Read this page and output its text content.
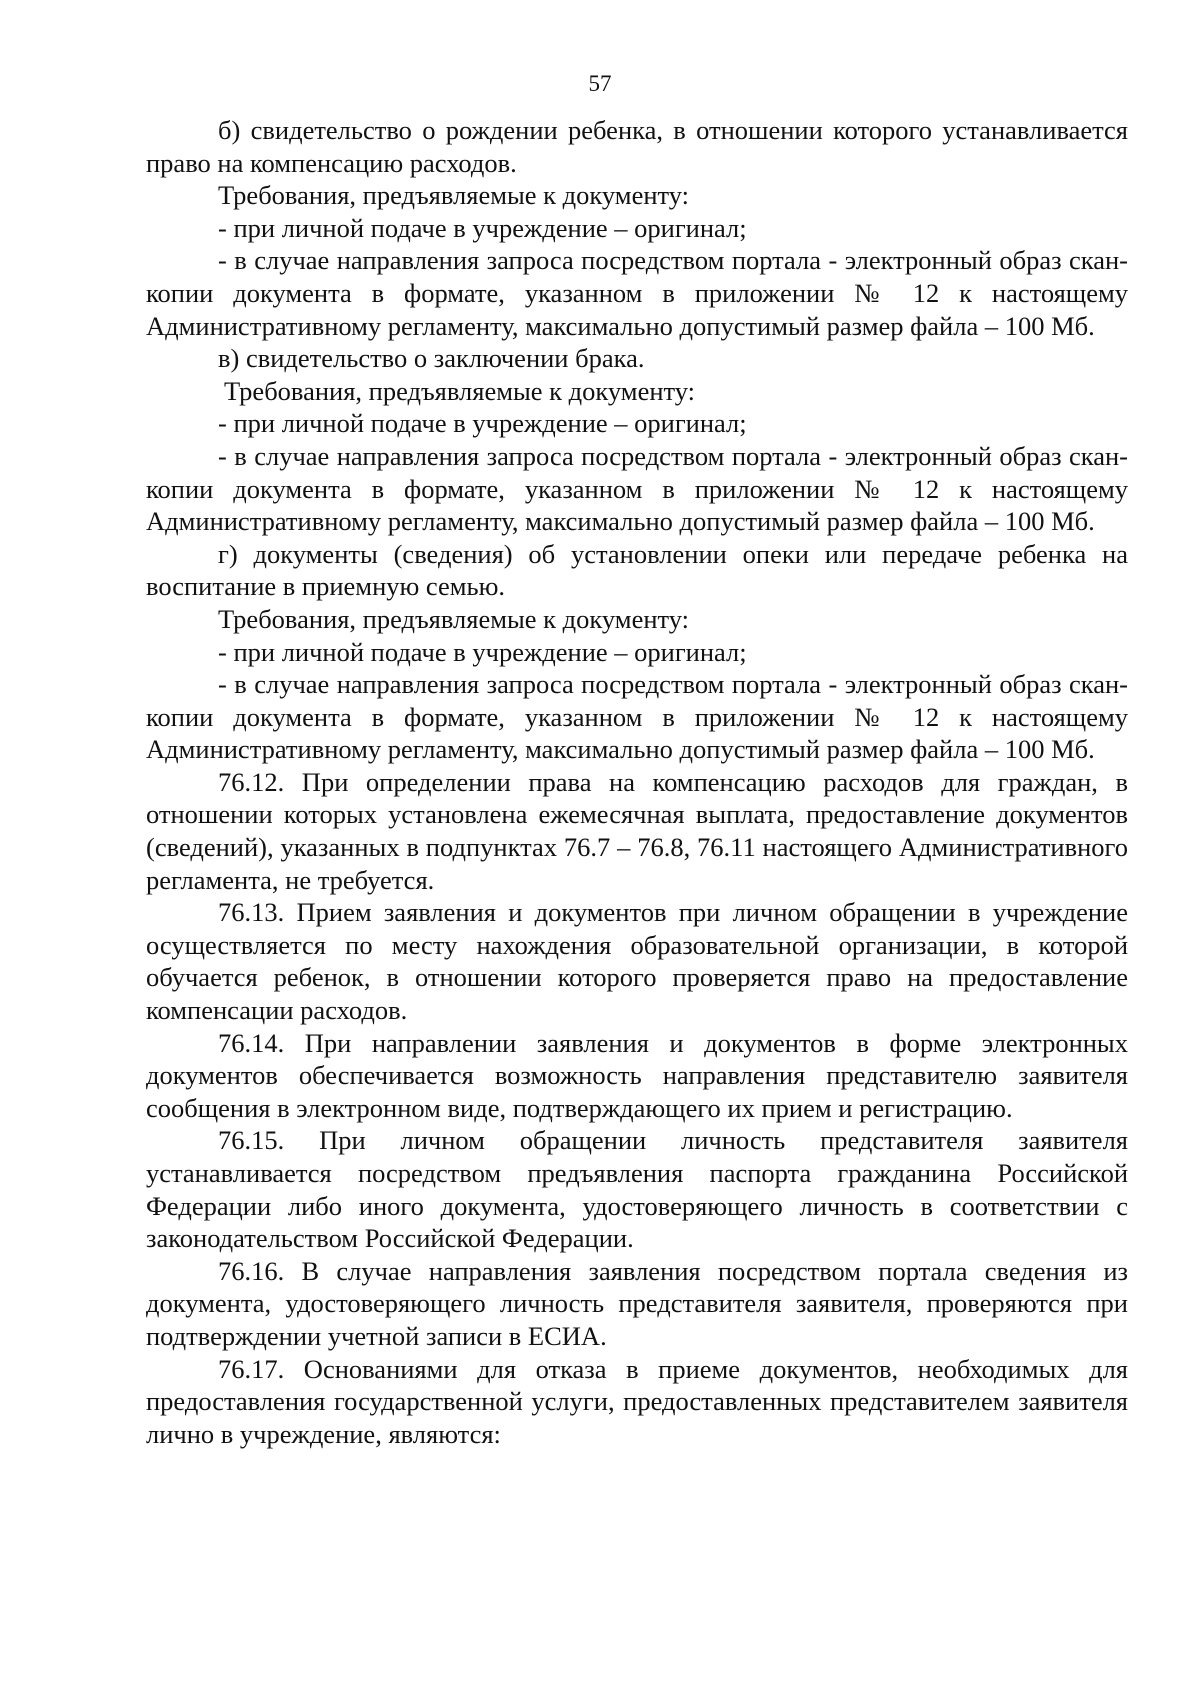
57

б) свидетельство о рождении ребенка, в отношении которого устанавливается право на компенсацию расходов.

Требования, предъявляемые к документу:

- при личной подаче в учреждение – оригинал;

- в случае направления запроса посредством портала - электронный образ скан-копии документа в формате, указанном в приложении № 12 к настоящему Административному регламенту, максимально допустимый размер файла – 100 Мб.

в) свидетельство о заключении брака.

Требования, предъявляемые к документу:

- при личной подаче в учреждение – оригинал;

- в случае направления запроса посредством портала - электронный образ скан-копии документа в формате, указанном в приложении № 12 к настоящему Административному регламенту, максимально допустимый размер файла – 100 Мб.

г) документы (сведения) об установлении опеки или передаче ребенка на воспитание в приемную семью.

Требования, предъявляемые к документу:

- при личной подаче в учреждение – оригинал;

- в случае направления запроса посредством портала - электронный образ скан-копии документа в формате, указанном в приложении № 12 к настоящему Административному регламенту, максимально допустимый размер файла – 100 Мб.

76.12. При определении права на компенсацию расходов для граждан, в отношении которых установлена ежемесячная выплата, предоставление документов (сведений), указанных в подпунктах 76.7 – 76.8, 76.11 настоящего Административного регламента, не требуется.

76.13. Прием заявления и документов при личном обращении в учреждение осуществляется по месту нахождения образовательной организации, в которой обучается ребенок, в отношении которого проверяется право на предоставление компенсации расходов.

76.14. При направлении заявления и документов в форме электронных документов обеспечивается возможность направления представителю заявителя сообщения в электронном виде, подтверждающего их прием и регистрацию.

76.15. При личном обращении личность представителя заявителя устанавливается посредством предъявления паспорта гражданина Российской Федерации либо иного документа, удостоверяющего личность в соответствии с законодательством Российской Федерации.

76.16. В случае направления заявления посредством портала сведения из документа, удостоверяющего личность представителя заявителя, проверяются при подтверждении учетной записи в ЕСИА.

76.17. Основаниями для отказа в приеме документов, необходимых для предоставления государственной услуги, предоставленных представителем заявителя лично в учреждение, являются:
